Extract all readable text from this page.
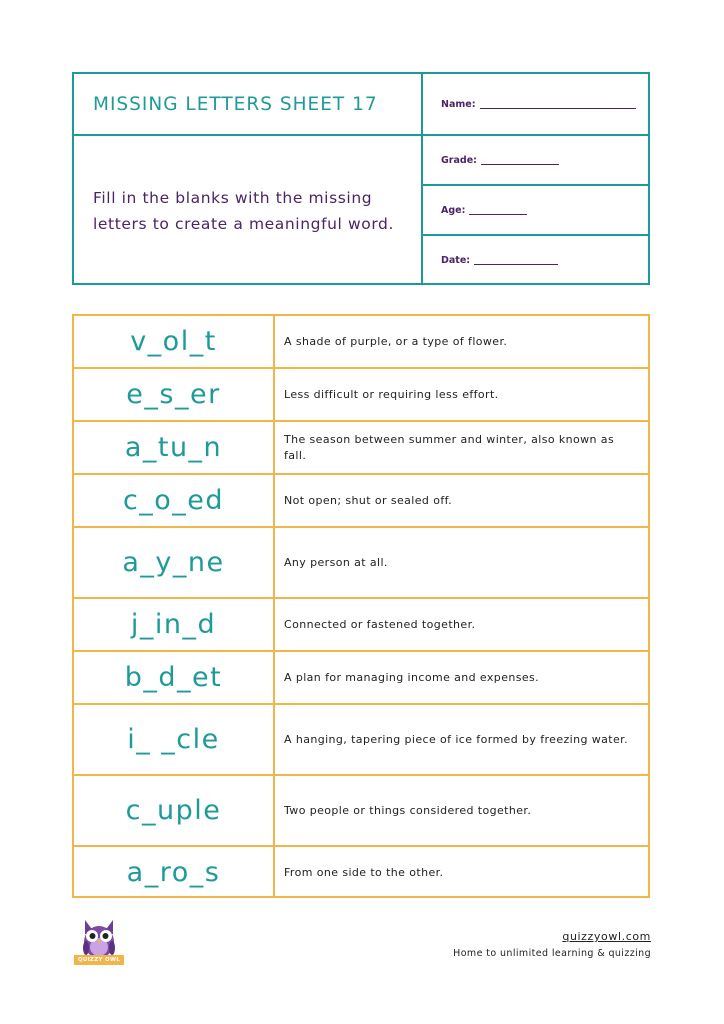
MISSING LETTERS SHEET 17
Fill in the blanks with the missing letters to create a meaningful word.
Name:
Grade:
Age:
Date:
v_ol_t	A shade of purple, or a type of flower.
e_s_er	Less difficult or requiring less effort.
a_tu_n	The season between summer and winter, also known as fall.
c_o_ed	Not open; shut or sealed off.
a_y_ne	Any person at all.
j_in_d	Connected or fastened together.
b_d_et	A plan for managing income and expenses.
i_ _cle	A hanging, tapering piece of ice formed by freezing water.
c_uple	Two people or things considered together.
a_ro_s	From one side to the other.
QUIZZY OWL
quizzyowl.com
Home to unlimited learning & quizzing
